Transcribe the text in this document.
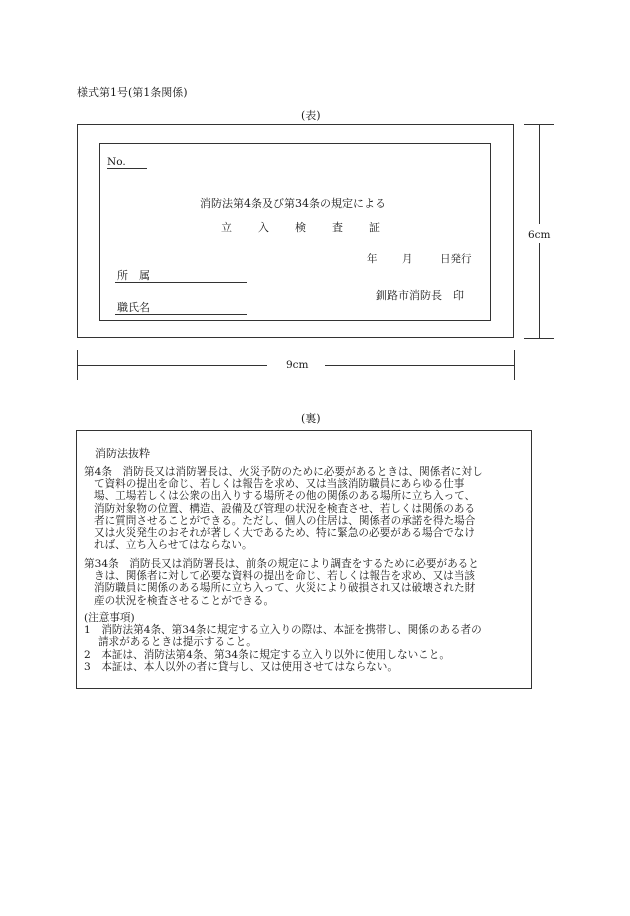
様式第1号(第1条関係)
(表)
No.
消防法第4条及び第34条の規定による
立 入 検 査 証
年 月	日発行
所　属
釧路市消防長　印
職氏名
6cm
9cm
(裏)
消防法抜粋
第4条　消防長又は消防署長は、火災予防のために必要があるときは、関係者に対し
て資料の提出を命じ、若しくは報告を求め、又は当該消防職員にあらゆる仕事
場、工場若しくは公衆の出入りする場所その他の関係のある場所に立ち入って、
消防対象物の位置、構造、設備及び管理の状況を検査させ、若しくは関係のある
者に質問させることができる。ただし、個人の住居は、関係者の承諾を得た場合
又は火災発生のおそれが著しく大であるため、特に緊急の必要がある場合でなけ
れば、立ち入らせてはならない。
第34条　消防長又は消防署長は、前条の規定により調査をするために必要があると
きは、関係者に対して必要な資料の提出を命じ、若しくは報告を求め、又は当該
消防職員に関係のある場所に立ち入って、火災により破損され又は破壊された財
産の状況を検査させることができる。
(注意事項)
1　消防法第4条、第34条に規定する立入りの際は、本証を携帯し、関係のある者の
　 請求があるときは提示すること。
2　本証は、消防法第4条、第34条に規定する立入り以外に使用しないこと。
3　本証は、本人以外の者に貸与し、又は使用させてはならない。
